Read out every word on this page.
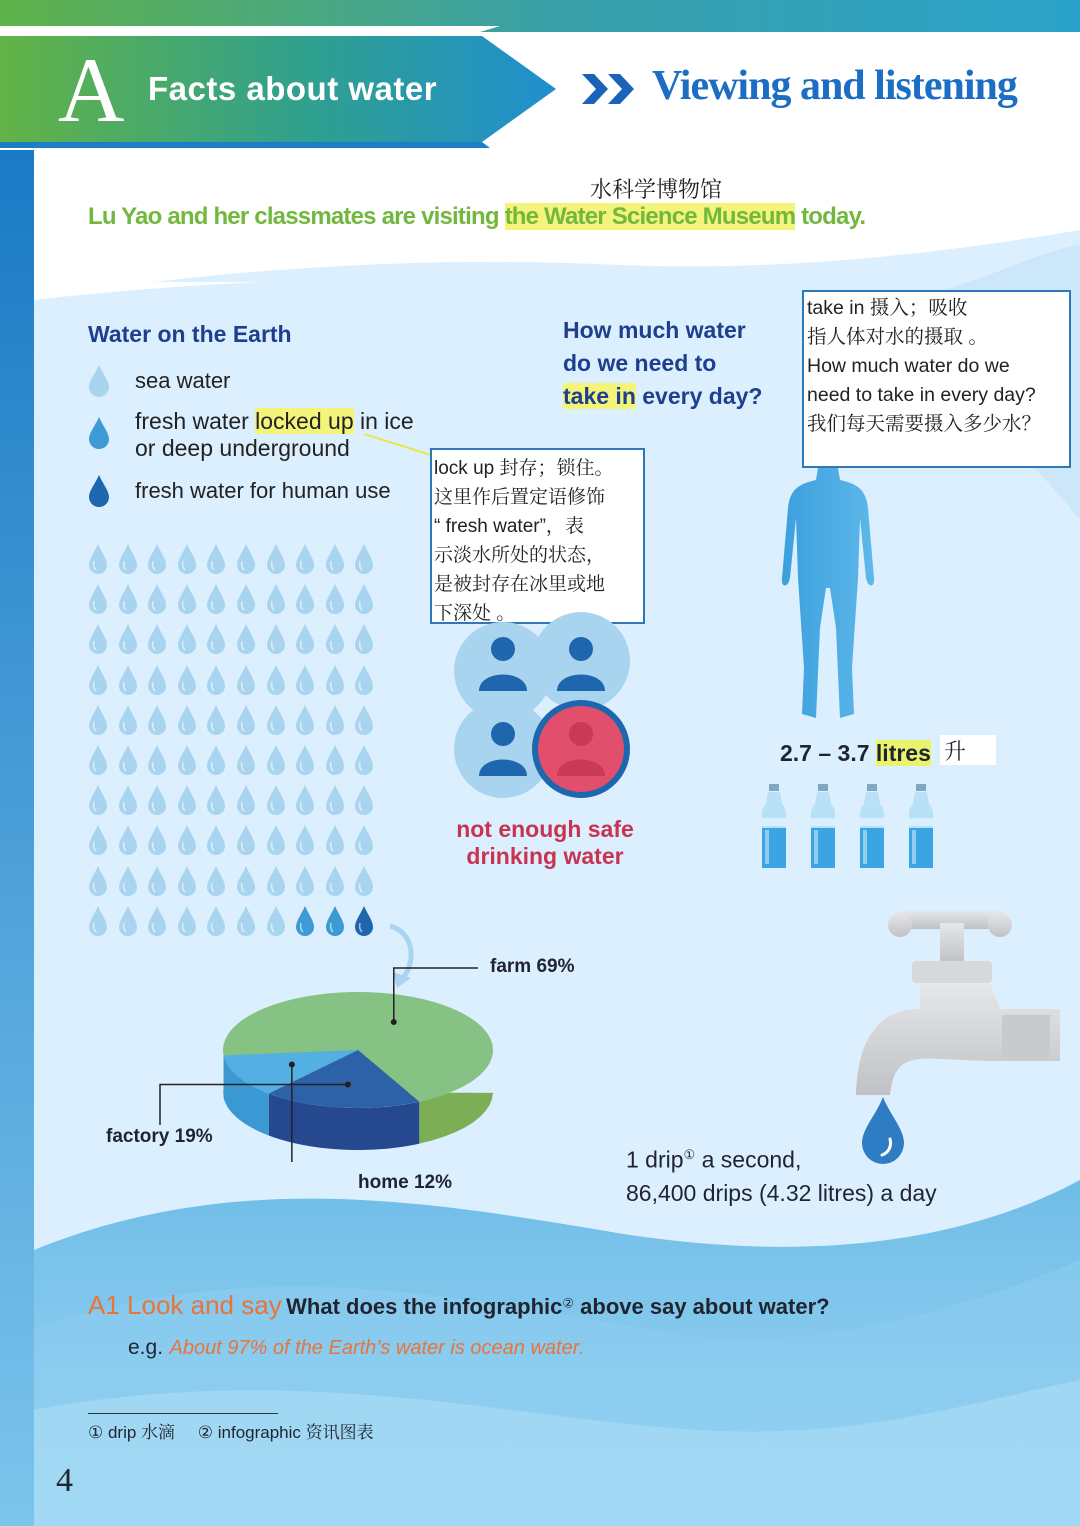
A Facts about water	Viewing and listening
水科学博物馆
Lu Yao and her classmates are visiting the Water Science Museum today.
Water on the Earth
sea water
fresh water locked up in ice
or deep underground
fresh water for human use
lock up 封存；锁住。
这里作后置定语修饰
“ fresh water”，表
示淡水所处的状态，
是被封存在冰里或地
下深处 。
not enough safe
drinking water
How much water
do we need to
take in every day?
take in 摄入；吸收
指人体对水的摄取 。
How much water do we
need to take in every day?
我们每天需要摄入多少水？
2.7 – 3.7 litres 升
farm 69%
factory 19%
home 12%
1 drip① a second,
86,400 drips (4.32 litres) a day
A1 Look and say What does the infographic② above say about water?
e.g. About 97% of the Earth’s water is ocean water.
① drip 水滴 ② infographic 资讯图表
4
